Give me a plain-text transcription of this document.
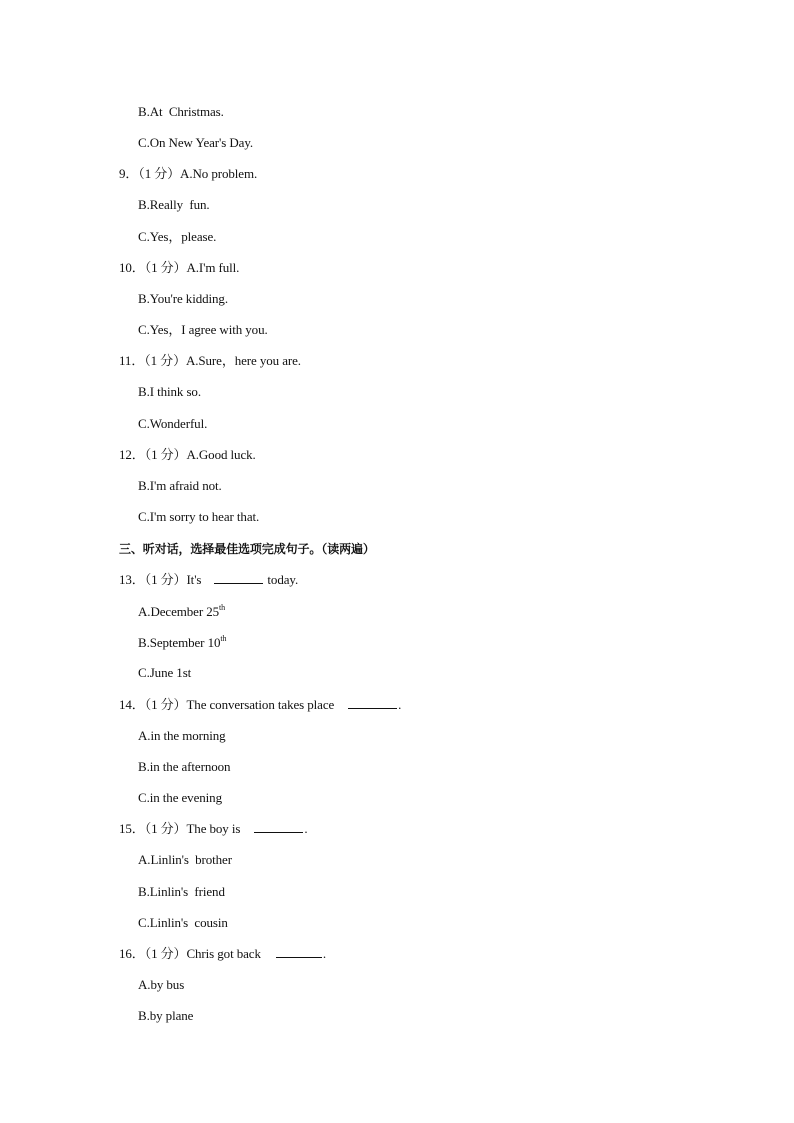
B.At  Christmas.
C.On New Year's Day.
9．（1 分）A.No problem.
B.Really  fun.
C.Yes，please.
10．（1 分）A.I'm full.
B.You're kidding.
C.Yes，I agree with you.
11．（1 分）A.Sure，here you are.
B.I think so.
C.Wonderful.
12．（1 分）A.Good luck.
B.I'm afraid not.
C.I'm sorry to hear that.
三、听对话，选择最佳选项完成句子。（读两遍）
13．（1 分）It's	today.
A.December 25th
B.September 10th
C.June 1st
14．（1 分）The conversation takes place	.
A.in the morning
B.in the afternoon
C.in the evening
15．（1 分）The boy is	.
A.Linlin's  brother
B.Linlin's  friend
C.Linlin's  cousin
16．（1 分）Chris got back	.
A.by bus
B.by plane
